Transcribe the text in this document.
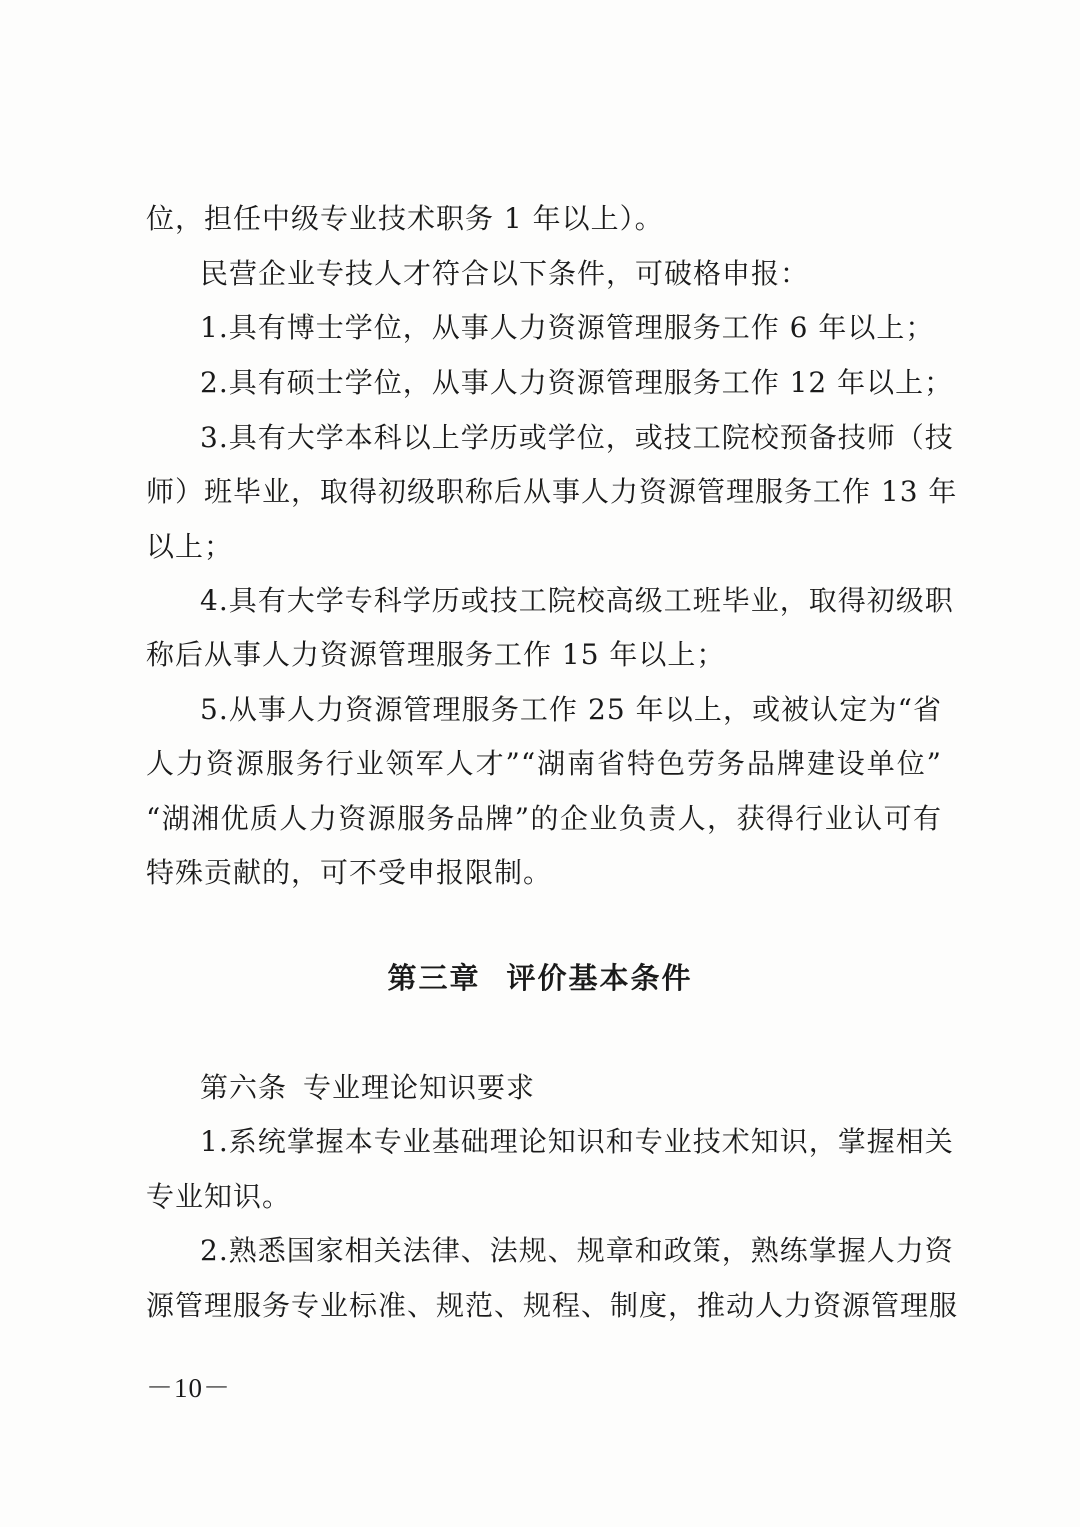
位，担任中级专业技术职务 1 年以上）。
民营企业专技人才符合以下条件，可破格申报：
1.具有博士学位，从事人力资源管理服务工作 6 年以上；
2.具有硕士学位，从事人力资源管理服务工作 12 年以上；
3.具有大学本科以上学历或学位，或技工院校预备技师（技
师）班毕业，取得初级职称后从事人力资源管理服务工作 13 年
以上；
4.具有大学专科学历或技工院校高级工班毕业，取得初级职
称后从事人力资源管理服务工作 15 年以上；
5.从事人力资源管理服务工作 25 年以上，或被认定为“省
人力资源服务行业领军人才”“湖南省特色劳务品牌建设单位”
“湖湘优质人力资源服务品牌”的企业负责人，获得行业认可有
特殊贡献的，可不受申报限制。
第三章 评价基本条件
第六条 专业理论知识要求
1.系统掌握本专业基础理论知识和专业技术知识，掌握相关
专业知识。
2.熟悉国家相关法律、法规、规章和政策，熟练掌握人力资
源管理服务专业标准、规范、规程、制度，推动人力资源管理服
－10－
